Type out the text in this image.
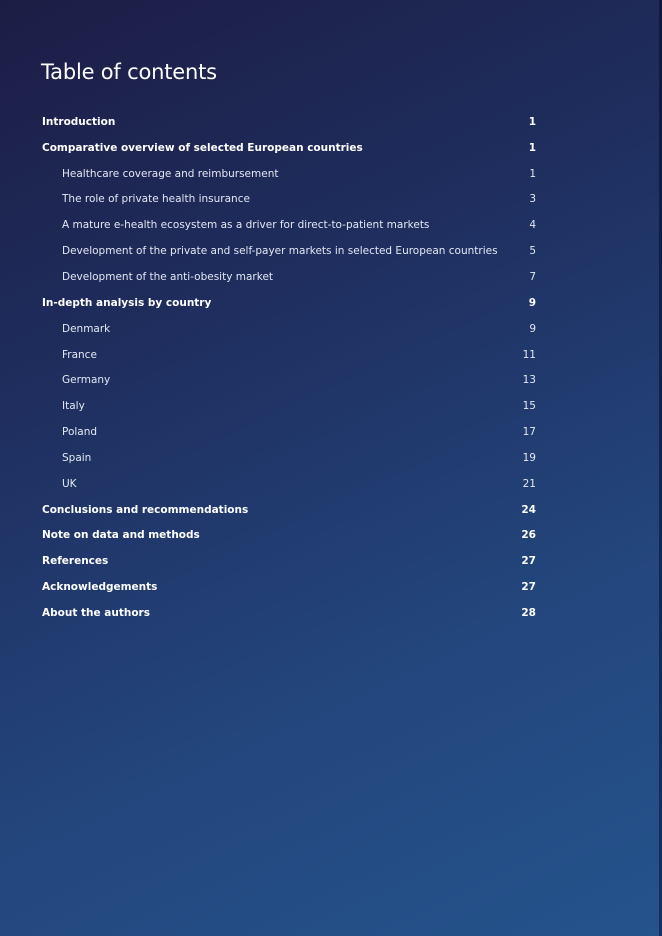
Table of contents
Introduction	1
Comparative overview of selected European countries	1
Healthcare coverage and reimbursement	1
The role of private health insurance	3
A mature e-health ecosystem as a driver for direct-to-patient markets	4
Development of the private and self-payer markets in selected European countries	5
Development of the anti-obesity market	7
In-depth analysis by country	9
Denmark	9
France	11
Germany	13
Italy	15
Poland	17
Spain	19
UK	21
Conclusions and recommendations	24
Note on data and methods	26
References	27
Acknowledgements	27
About the authors	28
